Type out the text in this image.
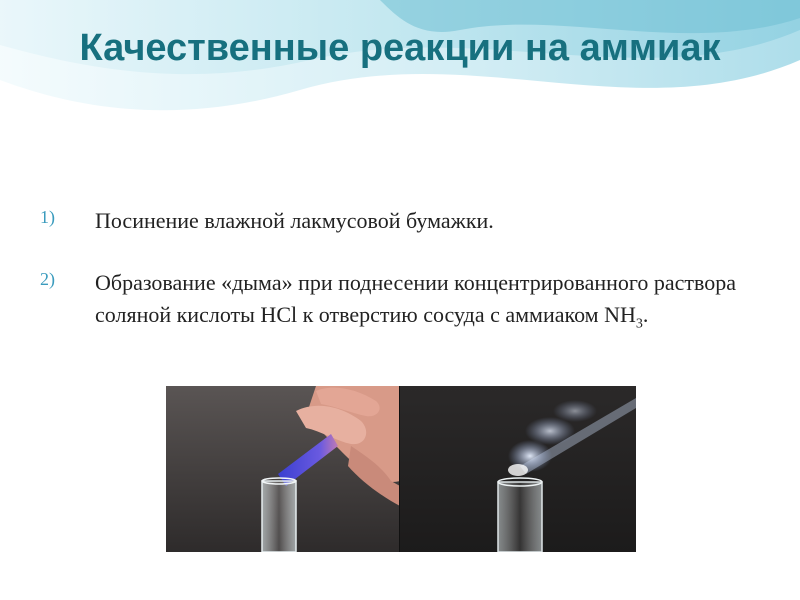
Качественные реакции на аммиак
1) Посинение влажной лакмусовой бумажки.
2) Образование «дыма» при поднесении концентрированного раствора соляной кислоты HCl к отверстию сосуда с аммиаком $NH_3$.
